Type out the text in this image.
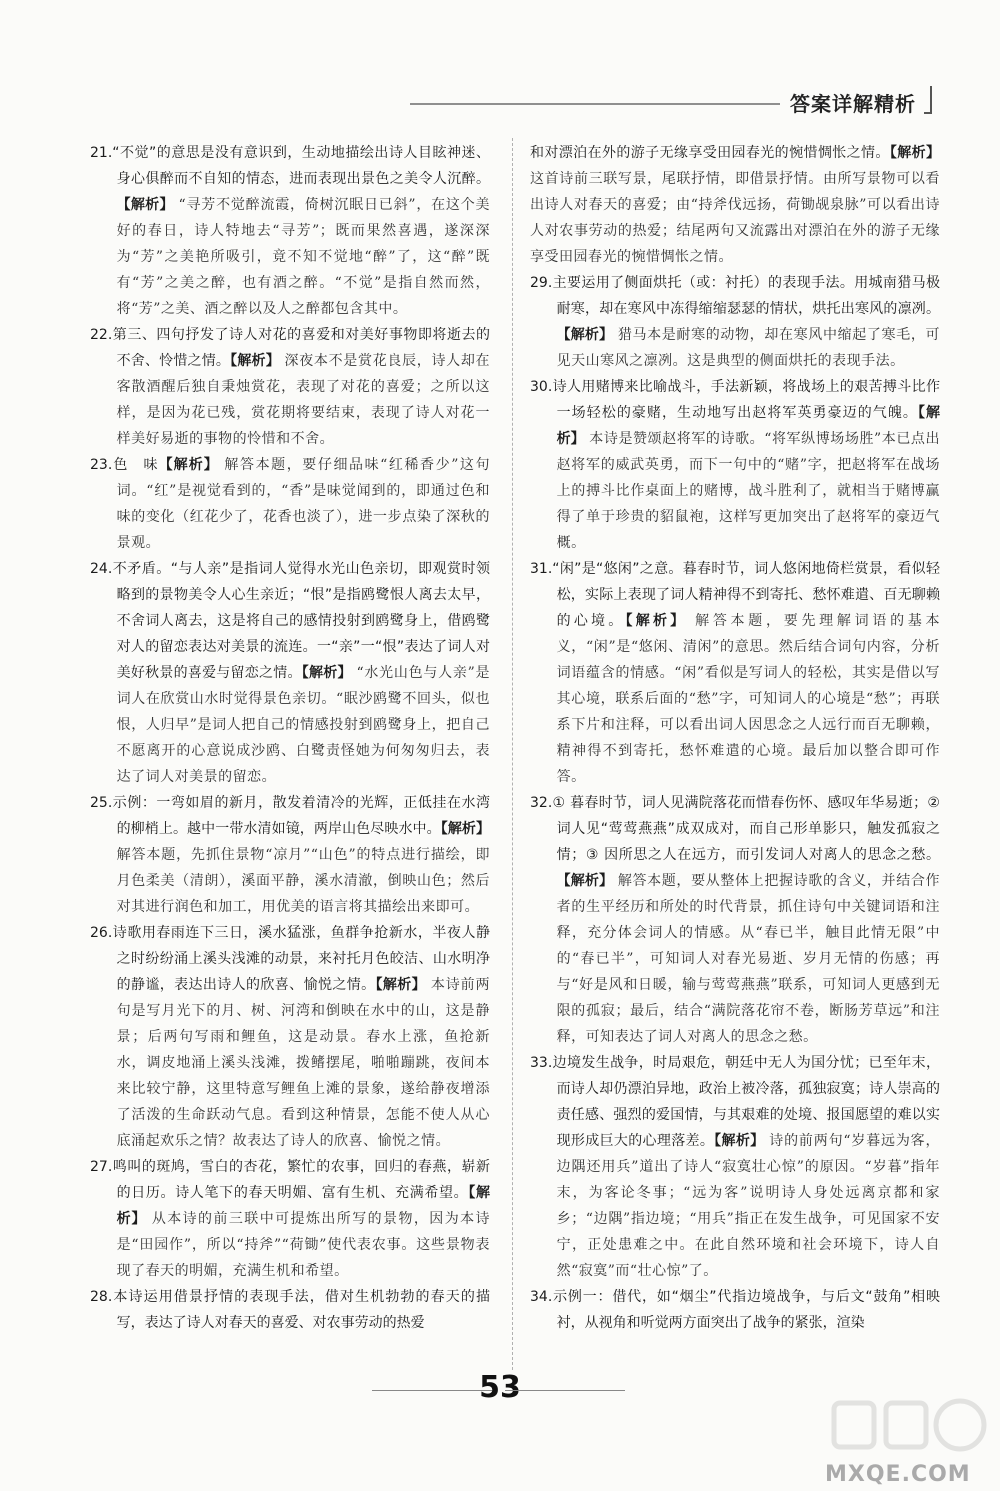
答案详解精析

21.“不觉”的意思是没有意识到，生动地描绘出诗人目眩神迷、身心俱醉而不自知的情态，进而表现出景色之美令人沉醉。【解析】 “寻芳不觉醉流霞，倚树沉眠日已斜”，在这个美好的春日，诗人特地去“寻芳”；既而果然喜遇，遂深深为“芳”之美艳所吸引，竟不知不觉地“醉”了，这“醉”既有“芳”之美之醉，也有酒之醉。“不觉”是指自然而然，将“芳”之美、酒之醉以及人之醉都包含其中。

22.第三、四句抒发了诗人对花的喜爱和对美好事物即将逝去的不舍、怜惜之情。【解析】 深夜本不是赏花良辰，诗人却在客散酒醒后独自秉烛赏花，表现了对花的喜爱；之所以这样，是因为花已残，赏花期将要结束，表现了诗人对花一样美好易逝的事物的怜惜和不舍。

23.色　味【解析】 解答本题，要仔细品味“红稀香少”这句词。“红”是视觉看到的，“香”是味觉闻到的，即通过色和味的变化（红花少了，花香也淡了），进一步点染了深秋的景观。

24.不矛盾。“与人亲”是指词人觉得水光山色亲切，即观赏时领略到的景物美令人心生亲近；“恨”是指鸥鹭恨人离去太早，不舍词人离去，这是将自己的感情投射到鸥鹭身上，借鸥鹭对人的留恋表达对美景的流连。一“亲”一“恨”表达了词人对美好秋景的喜爱与留恋之情。【解析】 “水光山色与人亲”是词人在欣赏山水时觉得景色亲切。“眠沙鸥鹭不回头，似也恨，人归早”是词人把自己的情感投射到鸥鹭身上，把自己不愿离开的心意说成沙鸥、白鹭责怪她为何匆匆归去，表达了词人对美景的留恋。

25.示例：一弯如眉的新月，散发着清冷的光辉，正低挂在水湾的柳梢上。越中一带水清如镜，两岸山色尽映水中。【解析】 解答本题，先抓住景物“凉月”“山色”的特点进行描绘，即月色柔美（清朗），溪面平静，溪水清澈，倒映山色；然后对其进行润色和加工，用优美的语言将其描绘出来即可。

26.诗歌用春雨连下三日，溪水猛涨，鱼群争抢新水，半夜人静之时纷纷涌上溪头浅滩的动景，来衬托月色皎洁、山水明净的静谧，表达出诗人的欣喜、愉悦之情。【解析】 本诗前两句是写月光下的月、树、河湾和倒映在水中的山，这是静景；后两句写雨和鲤鱼，这是动景。春水上涨，鱼抢新水，调皮地涌上溪头浅滩，拨鳍摆尾，啪啪蹦跳，夜间本来比较宁静，这里特意写鲤鱼上滩的景象，遂给静夜增添了活泼的生命跃动气息。看到这种情景，怎能不使人从心底涌起欢乐之情？故表达了诗人的欣喜、愉悦之情。

27.鸣叫的斑鸠，雪白的杏花，繁忙的农事，回归的春燕，崭新的日历。诗人笔下的春天明媚、富有生机、充满希望。【解析】 从本诗的前三联中可提炼出所写的景物，因为本诗是“田园作”，所以“持斧”“荷锄”使代表农事。这些景物表现了春天的明媚，充满生机和希望。

28.本诗运用借景抒情的表现手法，借对生机勃勃的春天的描写，表达了诗人对春天的喜爱、对农事劳动的热爱

和对漂泊在外的游子无缘享受田园春光的惋惜惆怅之情。【解析】 这首诗前三联写景，尾联抒情，即借景抒情。由所写景物可以看出诗人对春天的喜爱；由“持斧伐远扬，荷锄觇泉脉”可以看出诗人对农事劳动的热爱；结尾两句又流露出对漂泊在外的游子无缘享受田园春光的惋惜惆怅之情。

29.主要运用了侧面烘托（或：衬托）的表现手法。用城南猎马极耐寒，却在寒风中冻得缩缩瑟瑟的情状，烘托出寒风的凛冽。【解析】 猎马本是耐寒的动物，却在寒风中缩起了寒毛，可见天山寒风之凛冽。这是典型的侧面烘托的表现手法。

30.诗人用赌博来比喻战斗，手法新颖，将战场上的艰苦搏斗比作一场轻松的豪赌，生动地写出赵将军英勇豪迈的气魄。【解析】 本诗是赞颂赵将军的诗歌。“将军纵博场场胜”本已点出赵将军的威武英勇，而下一句中的“赌”字，把赵将军在战场上的搏斗比作桌面上的赌博，战斗胜利了，就相当于赌博赢得了单于珍贵的貂鼠袍，这样写更加突出了赵将军的豪迈气概。

31.“闲”是“悠闲”之意。暮春时节，词人悠闲地倚栏赏景，看似轻松，实际上表现了词人精神得不到寄托、愁怀难遣、百无聊赖的心境。【解析】 解答本题，要先理解词语的基本义，“闲”是“悠闲、清闲”的意思。然后结合词句内容，分析词语蕴含的情感。“闲”看似是写词人的轻松，其实是借以写其心境，联系后面的“愁”字，可知词人的心境是“愁”；再联系下片和注释，可以看出词人因思念之人远行而百无聊赖，精神得不到寄托，愁怀难遣的心境。最后加以整合即可作答。

32.① 暮春时节，词人见满院落花而惜春伤怀、感叹年华易逝；② 词人见“莺莺燕燕”成双成对，而自己形单影只，触发孤寂之情；③ 因所思之人在远方，而引发词人对离人的思念之愁。【解析】 解答本题，要从整体上把握诗歌的含义，并结合作者的生平经历和所处的时代背景，抓住诗句中关键词语和注释，充分体会词人的情感。从“春已半，触目此情无限”中的“春已半”，可知词人对春光易逝、岁月无情的伤感；再与“好是风和日暖，输与莺莺燕燕”联系，可知词人更感到无限的孤寂；最后，结合“满院落花帘不卷，断肠芳草远”和注释，可知表达了词人对离人的思念之愁。

33.边境发生战争，时局艰危，朝廷中无人为国分忧；已至年末，而诗人却仍漂泊异地，政治上被冷落，孤独寂寞；诗人崇高的责任感、强烈的爱国情，与其艰难的处境、报国愿望的难以实现形成巨大的心理落差。【解析】 诗的前两句“岁暮远为客，边隅还用兵”道出了诗人“寂寞壮心惊”的原因。“岁暮”指年末，为客论冬事；“远为客”说明诗人身处远离京都和家乡；“边隅”指边境；“用兵”指正在发生战争，可见国家不安宁，正处患难之中。在此自然环境和社会环境下，诗人自然“寂寞”而“壮心惊”了。

34.示例一：借代，如“烟尘”代指边境战争，与后文“鼓角”相映衬，从视角和听觉两方面突出了战争的紧张，渲染

53
MXQE.COM
